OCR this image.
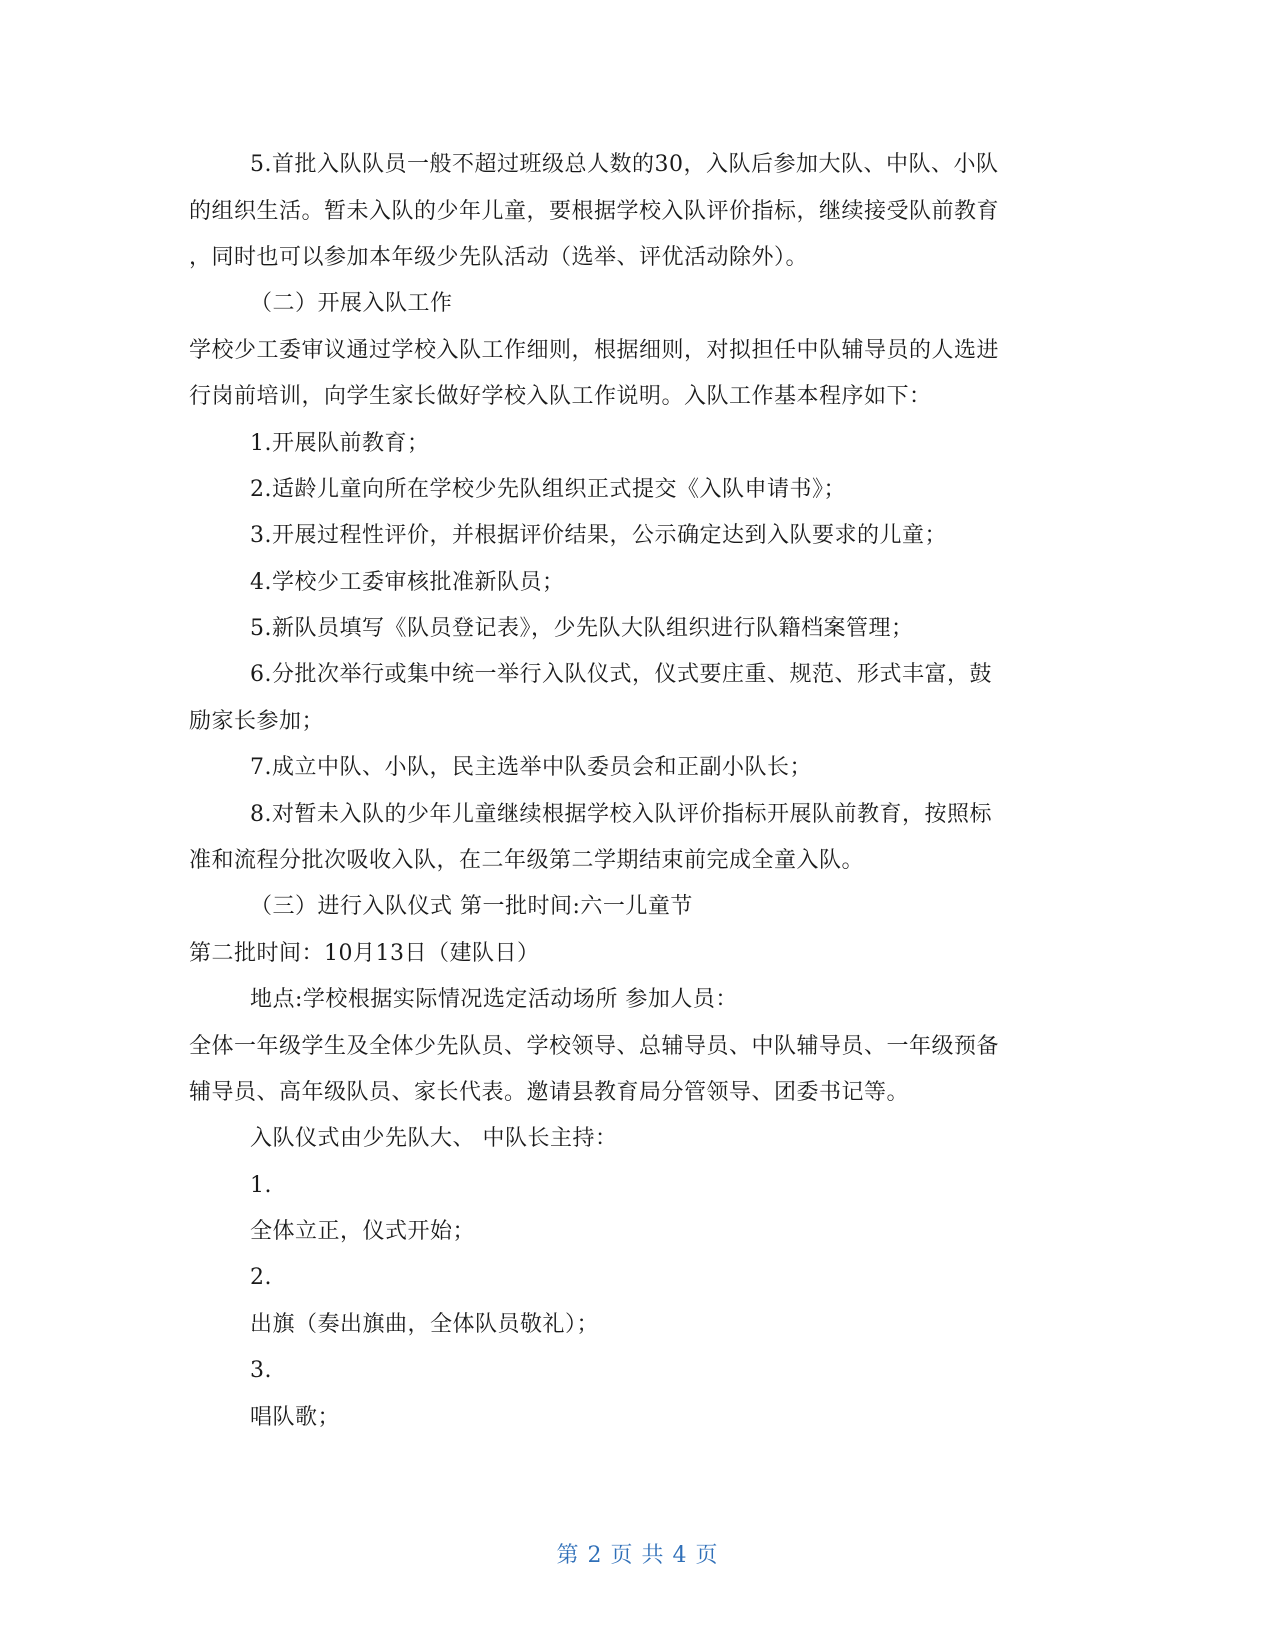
5.首批入队队员一般不超过班级总人数的30，入队后参加大队、中队、小队
的组织生活。暂未入队的少年儿童，要根据学校入队评价指标，继续接受队前教育
，同时也可以参加本年级少先队活动（选举、评优活动除外）。
（二）开展入队工作
学校少工委审议通过学校入队工作细则，根据细则，对拟担任中队辅导员的人选进
行岗前培训，向学生家长做好学校入队工作说明。入队工作基本程序如下：
1.开展队前教育；
2.适龄儿童向所在学校少先队组织正式提交《入队申请书》；
3.开展过程性评价，并根据评价结果，公示确定达到入队要求的儿童；
4.学校少工委审核批准新队员；
5.新队员填写《队员登记表》，少先队大队组织进行队籍档案管理；
6.分批次举行或集中统一举行入队仪式，仪式要庄重、规范、形式丰富，鼓
励家长参加；
7.成立中队、小队，民主选举中队委员会和正副小队长；
8.对暂未入队的少年儿童继续根据学校入队评价指标开展队前教育，按照标
准和流程分批次吸收入队，在二年级第二学期结束前完成全童入队。
（三）进行入队仪式 第一批时间:六一儿童节
第二批时间：10月13日（建队日）
地点:学校根据实际情况选定活动场所 参加人员：
全体一年级学生及全体少先队员、学校领导、总辅导员、中队辅导员、一年级预备
辅导员、高年级队员、家长代表。邀请县教育局分管领导、团委书记等。
入队仪式由少先队大、 中队长主持：
1.
全体立正，仪式开始；
2.
出旗（奏出旗曲，全体队员敬礼）；
3.
唱队歌；
第 2 页 共 4 页
